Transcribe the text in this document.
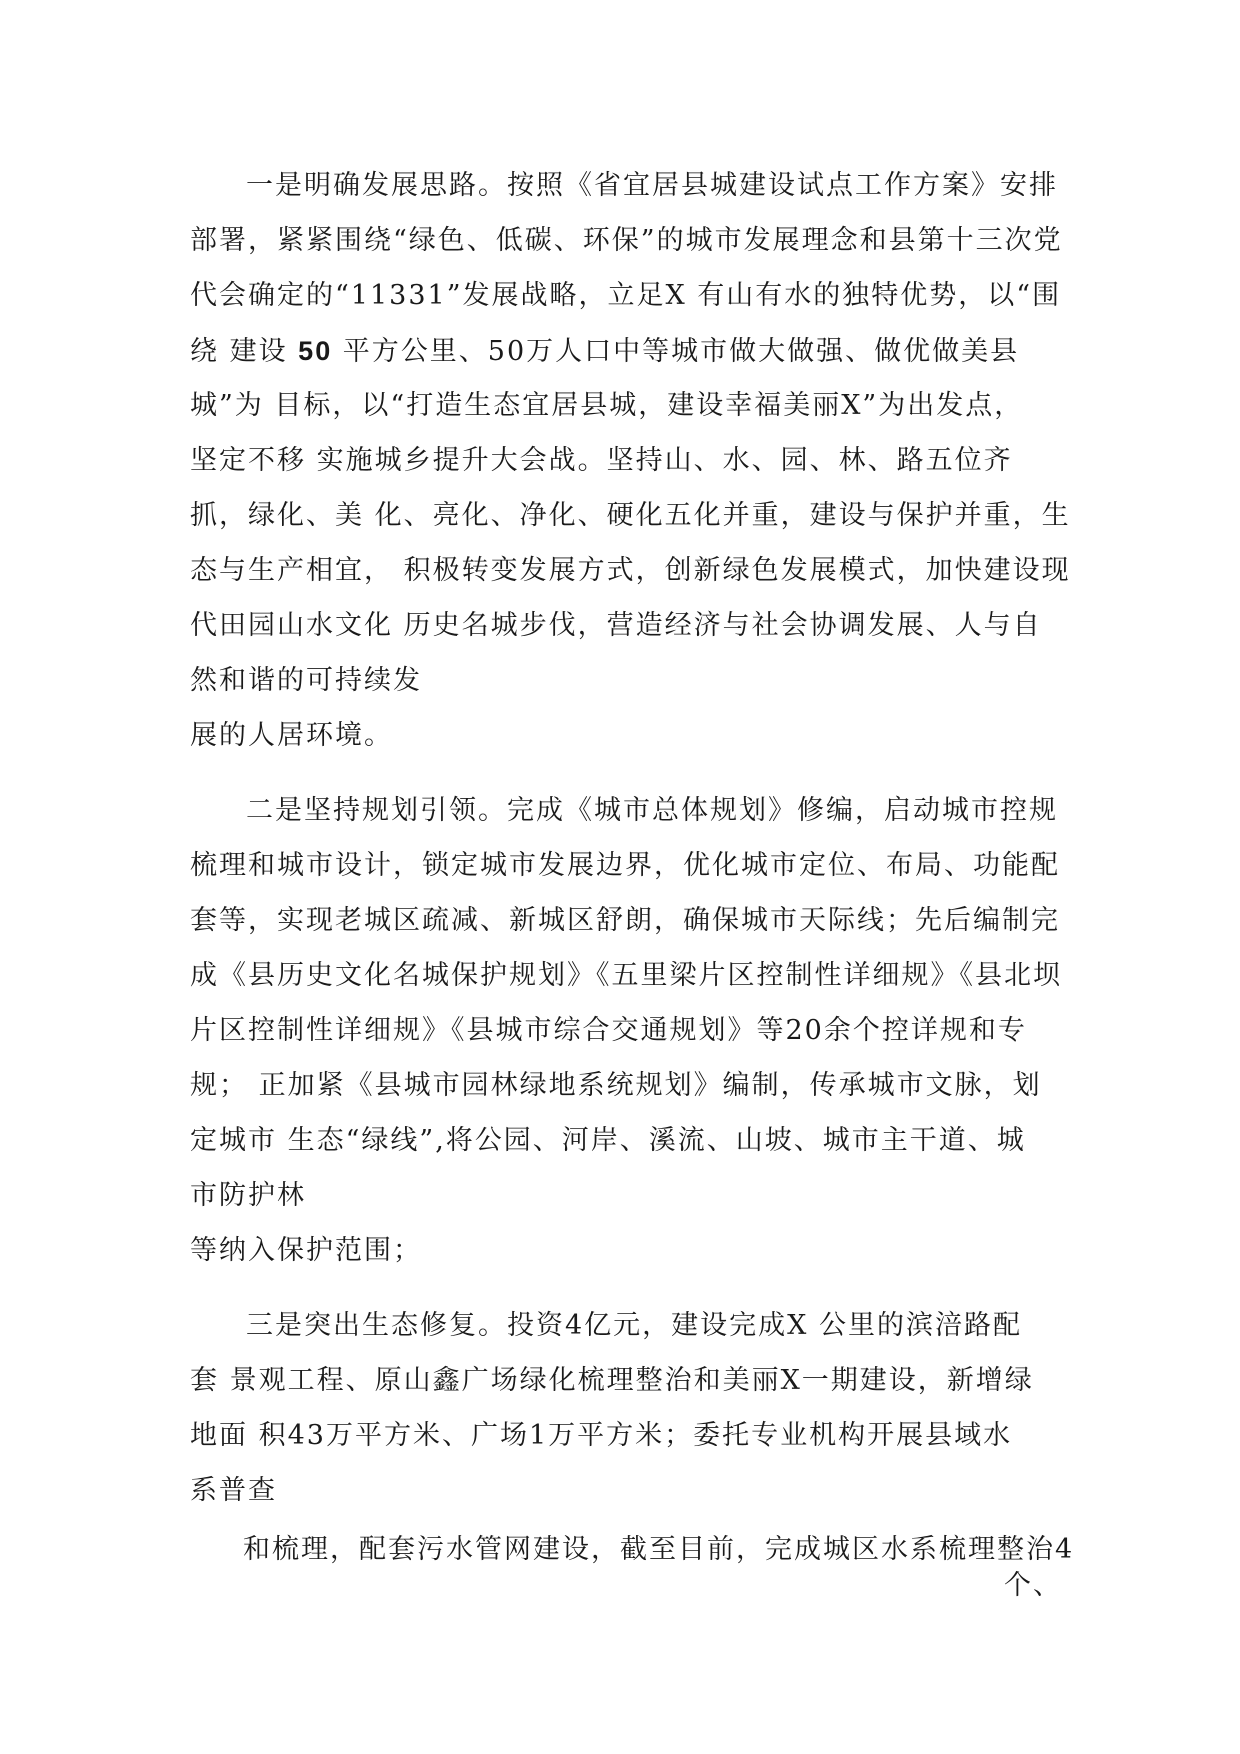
一是明确发展思路。按照《省宜居县城建设试点工作方案》安排
部署，紧紧围绕“绿色、低碳、环保”的城市发展理念和县第十三次党
代会确定的“11331”发展战略，立足X 有山有水的独特优势，以“围
绕 建设 50 平方公里、50万人口中等城市做大做强、做优做美县
城”为 目标，以“打造生态宜居县城，建设幸福美丽X”为出发点，
坚定不移 实施城乡提升大会战。坚持山、水、园、林、路五位齐
抓，绿化、美 化、亮化、净化、硬化五化并重，建设与保护并重，生
态与生产相宜， 积极转变发展方式，创新绿色发展模式，加快建设现
代田园山水文化 历史名城步伐，营造经济与社会协调发展、人与自
然和谐的可持续发
展的人居环境。
二是坚持规划引领。完成《城市总体规划》修编，启动城市控规
梳理和城市设计，锁定城市发展边界，优化城市定位、布局、功能配
套等，实现老城区疏减、新城区舒朗，确保城市天际线；先后编制完
成《县历史文化名城保护规划》《五里梁片区控制性详细规》《县北坝
片区控制性详细规》《县城市综合交通规划》等20余个控详规和专
规； 正加紧《县城市园林绿地系统规划》编制，传承城市文脉，划
定城市 生态“绿线”,将公园、河岸、溪流、山坡、城市主干道、城
市防护林
等纳入保护范围；
三是突出生态修复。投资4亿元，建设完成X 公里的滨涪路配
套 景观工程、原山鑫广场绿化梳理整治和美丽X一期建设，新增绿
地面 积43万平方米、广场1万平方米；委托专业机构开展县域水
系普查
和梳理，配套污水管网建设，截至目前，完成城区水系梳理整治4
个、
